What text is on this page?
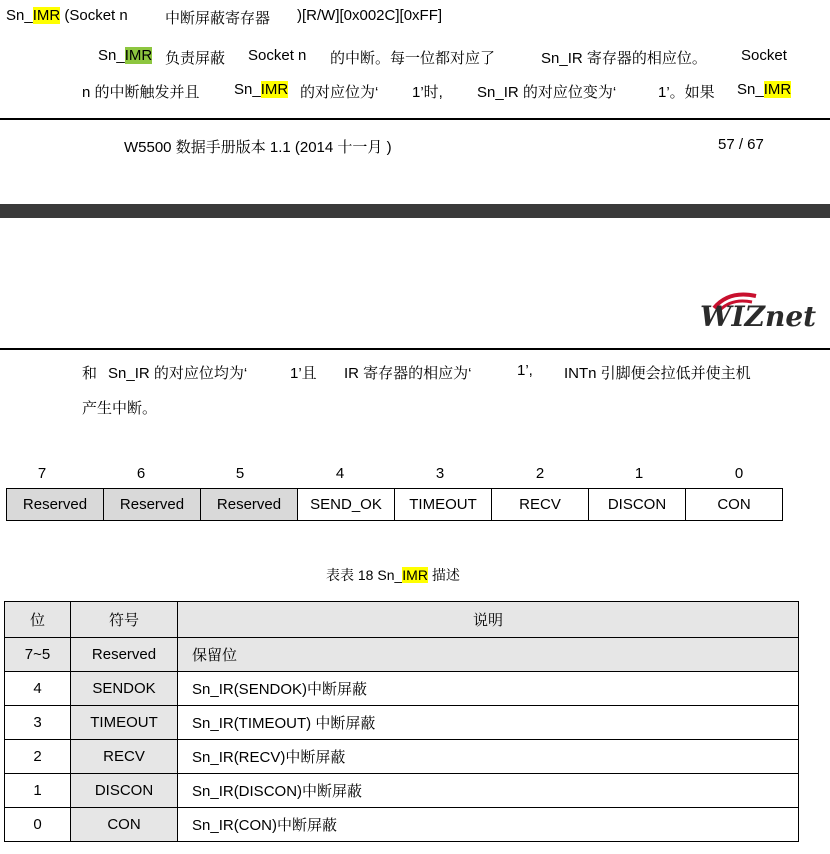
Sn_IMR (Socket n 中断屏蔽寄存器 )[R/W][0x002C][0xFF]
Sn_IMR 负责屏蔽 Socket n 的中断。每一位都对应了	Sn_IR 寄存器的相应位。 Socket
n 的中断触发并且 Sn_IMR 的对应位为‘ 1’时, Sn_IR 的对应位变为‘	1’。如果 Sn_IMR
W5500 数据手册版本 1.1 (2014 十一月 )	57 / 67
WIZnet
和 Sn_IR 的对应位均为‘	1’且 IR 寄存器的相应为‘	1’, INTn 引脚便会拉低并使主机
产生中断。
7	6	5	4	3	2	1	0
Reserved	Reserved	Reserved	SEND_OK	TIMEOUT	RECV	DISCON	CON
表表 18 Sn_IMR 描述
位	符号	说明
7~5	Reserved	保留位
4	SENDOK	Sn_IR(SENDOK)中断屏蔽
3	TIMEOUT	Sn_IR(TIMEOUT) 中断屏蔽
2	RECV	Sn_IR(RECV)中断屏蔽
1	DISCON	Sn_IR(DISCON)中断屏蔽
0	CON	Sn_IR(CON)中断屏蔽
